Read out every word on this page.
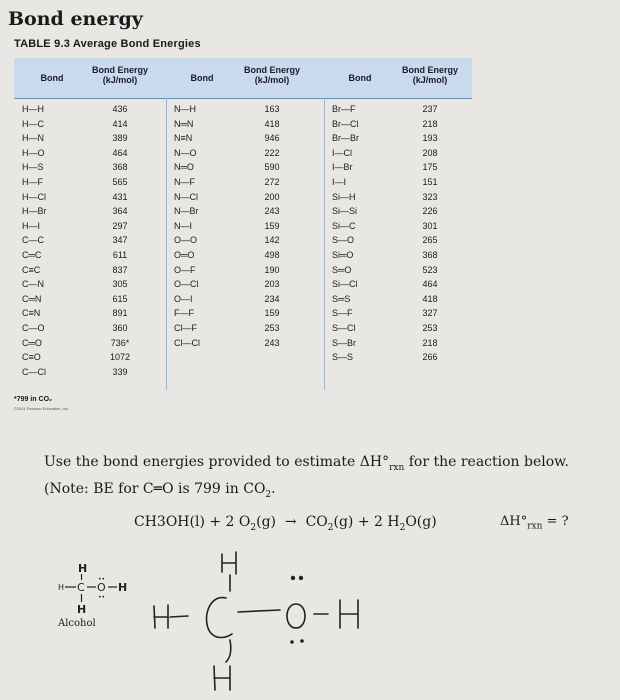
Bond energy
TABLE 9.3 Average Bond Energies
Bond
Bond Energy
(kJ/mol)
H—H	436
H—C	414
H—N	389
H—O	464
H—S	368
H—F	565
H—Cl	431
H—Br	364
H—I	297
C—C	347
C═C	611
C≡C	837
C—N	305
C═N	615
C≡N	891
C—O	360
C═O	736*
C≡O	1072
C—Cl	339
Bond
Bond Energy
(kJ/mol)
N—H	163
N═N	418
N≡N	946
N—O	222
N═O	590
N—F	272
N—Cl	200
N—Br	243
N—I	159
O—O	142
O═O	498
O—F	190
O—Cl	203
O—I	234
F—F	159
Cl—F	253
Cl—Cl	243
Bond
Bond Energy
(kJ/mol)
Br—F	237
Br—Cl	218
Br—Br	193
I—Cl	208
I—Br	175
I—I	151
Si—H	323
Si—Si	226
Si—C	301
S—O	265
Si═O	368
S═O	523
Si—Cl	464
S═S	418
S—F	327
S—Cl	253
S—Br	218
S—S	266
*799 in CO₂
©2011 Pearson Education, Inc.
Use the bond energies provided to estimate $\Delta H^\circ_{rxn}$ for the reaction below. (Note: BE for C═O is 799 in $CO_2$.
CH3OH(l) + 2 $O_2(g) \to CO_2(g) + 2$ $H_2O(g)$	$\Delta H^\circ_{rxn}$ = ?
H
H C
••
O
••
H
H
Alcohol
